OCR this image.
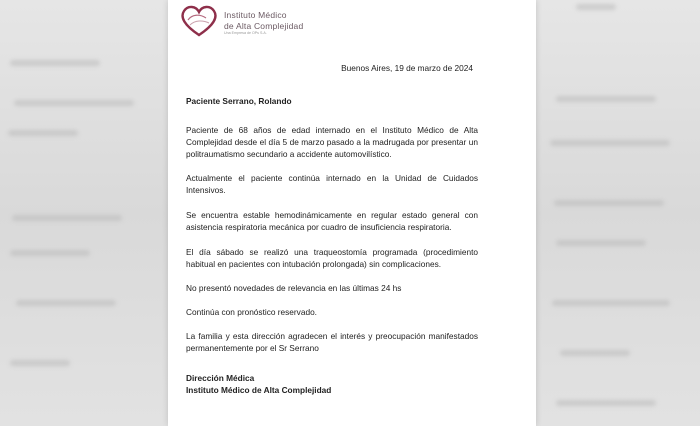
Instituto Médico
de Alta Complejidad
Una Empresa de OPs S.A.
Buenos Aires, 19 de marzo de 2024
Paciente Serrano, Rolando
Paciente de 68 años de edad internado en el Instituto Médico de Alta Complejidad desde el día 5 de marzo pasado a la madrugada por presentar un politraumatismo secundario a accidente automovilístico.
Actualmente el paciente continúa internado en la Unidad de Cuidados Intensivos.
Se encuentra estable hemodinámicamente en regular estado general con asistencia respiratoria mecánica por cuadro de insuficiencia respiratoria.
El día sábado se realizó una traqueostomía programada (procedimiento habitual en pacientes con intubación prolongada) sin complicaciones.
No presentó novedades de relevancia en las últimas 24 hs
Continúa con pronóstico reservado.
La familia y esta dirección agradecen el interés y preocupación manifestados permanentemente por el Sr Serrano
Dirección Médica
Instituto Médico de Alta Complejidad
